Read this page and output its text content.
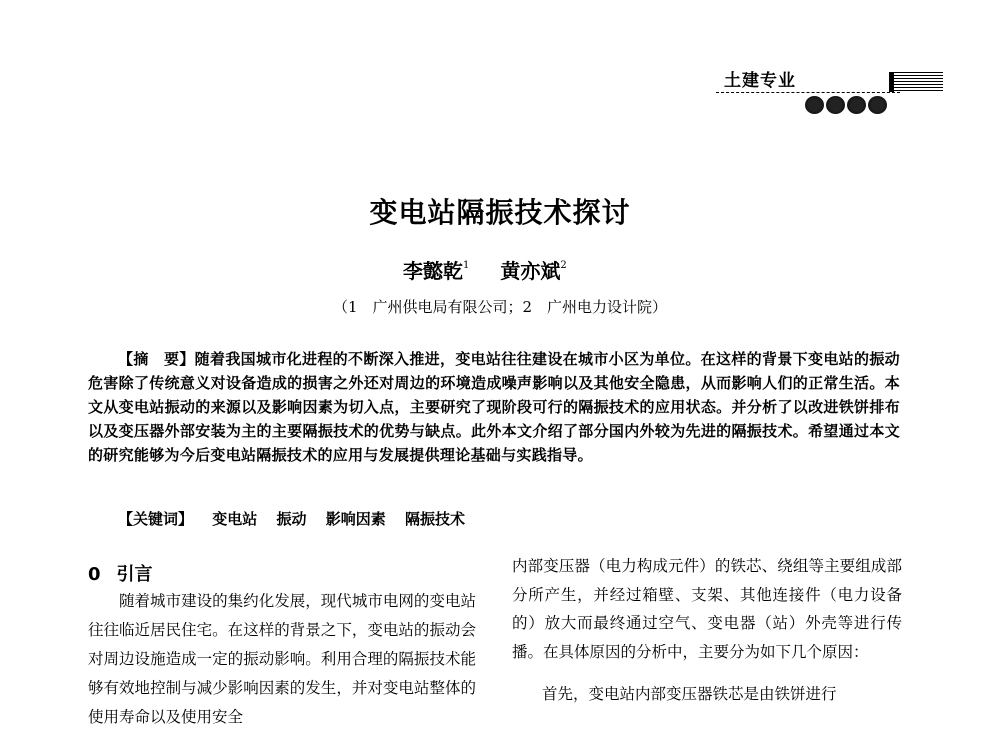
土建专业
变电站隔振技术探讨
李懿乾$^1$ 黄亦斌$^2$
（1　广州供电局有限公司；2　广州电力设计院）

【摘　要】随着我国城市化进程的不断深入推进，变电站往往建设在城市小区为单位。在这样的背景下变电站的振动危害除了传统意义对设备造成的损害之外还对周边的环境造成噪声影响以及其他安全隐患，从而影响人们的正常生活。本文从变电站振动的来源以及影响因素为切入点，主要研究了现阶段可行的隔振技术的应用状态。并分析了以改进铁饼排布以及变压器外部安装为主的主要隔振技术的优势与缺点。此外本文介绍了部分国内外较为先进的隔振技术。希望通过本文的研究能够为今后变电站隔振技术的应用与发展提供理论基础与实践指导。

【关键词】 变电站 振动 影响因素 隔振技术
0 引言

随着城市建设的集约化发展，现代城市电网的变电站往往临近居民住宅。在这样的背景之下，变电站的振动会对周边设施造成一定的振动影响。利用合理的隔振技术能够有效地控制与减少影响因素的发生，并对变电站整体的使用寿命以及使用安全

内部变压器（电力构成元件）的铁芯、绕组等主要组成部分所产生，并经过箱壁、支架、其他连接件（电力设备的）放大而最终通过空气、变电器（站）外壳等进行传播。在具体原因的分析中，主要分为如下几个原因：

首先，变电站内部变压器铁芯是由铁饼进行
